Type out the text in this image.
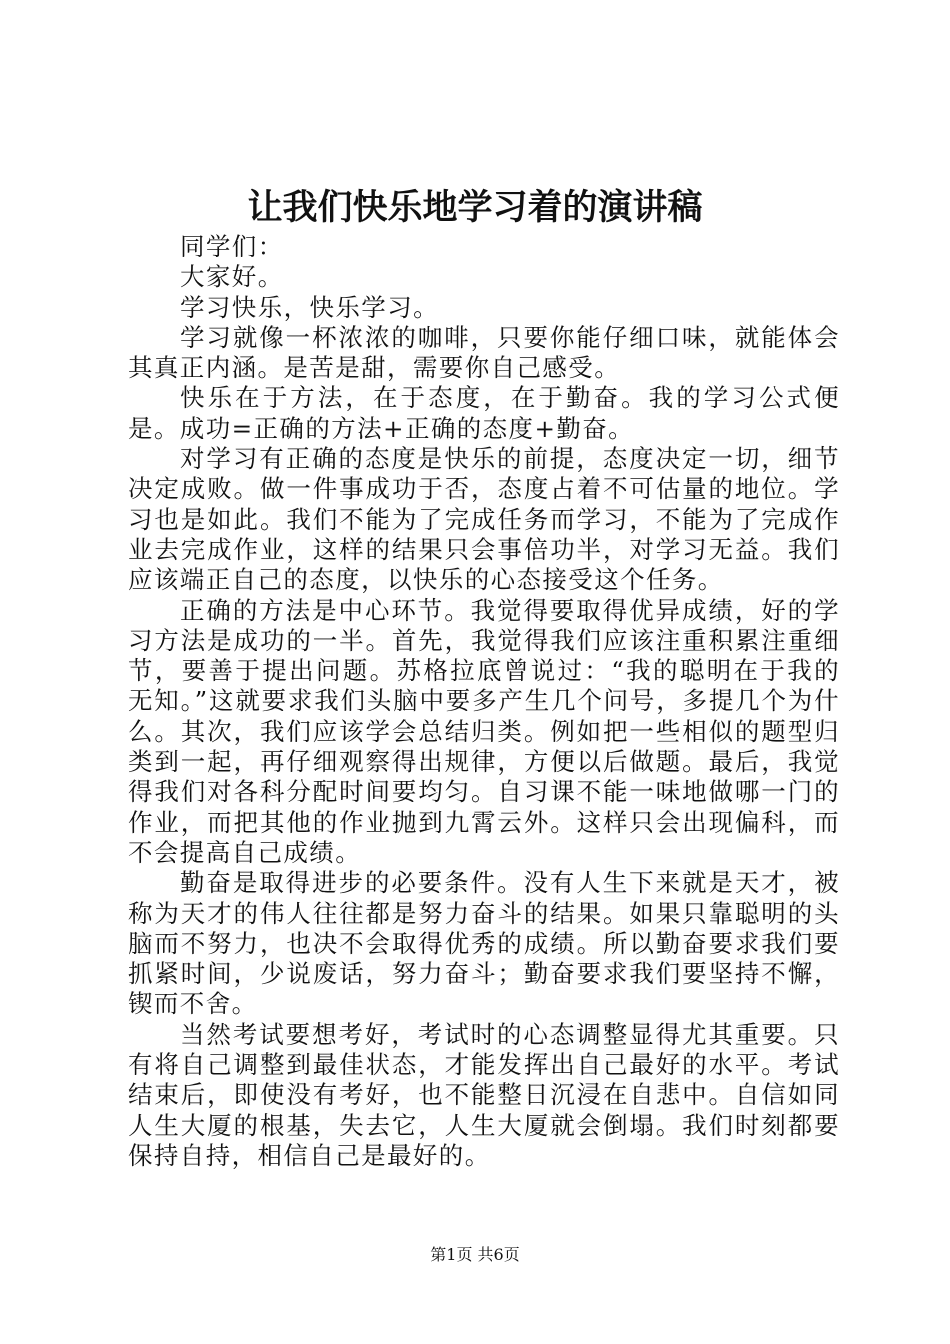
让我们快乐地学习着的演讲稿

同学们：

大家好。

学习快乐，快乐学习。

学习就像一杯浓浓的咖啡，只要你能仔细口味，就能体会其真正内涵。是苦是甜，需要你自己感受。

快乐在于方法，在于态度，在于勤奋。我的学习公式便是。成功=正确的方法+正确的态度+勤奋。

对学习有正确的态度是快乐的前提，态度决定一切，细节决定成败。做一件事成功于否，态度占着不可估量的地位。学习也是如此。我们不能为了完成任务而学习，不能为了完成作业去完成作业，这样的结果只会事倍功半，对学习无益。我们应该端正自己的态度，以快乐的心态接受这个任务。

正确的方法是中心环节。我觉得要取得优异成绩，好的学习方法是成功的一半。首先，我觉得我们应该注重积累注重细节，要善于提出问题。苏格拉底曾说过：“我的聪明在于我的无知。”这就要求我们头脑中要多产生几个问号，多提几个为什么。其次，我们应该学会总结归类。例如把一些相似的题型归类到一起，再仔细观察得出规律，方便以后做题。最后，我觉得我们对各科分配时间要均匀。自习课不能一味地做哪一门的作业，而把其他的作业抛到九霄云外。这样只会出现偏科，而不会提高自己成绩。

勤奋是取得进步的必要条件。没有人生下来就是天才，被称为天才的伟人往往都是努力奋斗的结果。如果只靠聪明的头脑而不努力，也决不会取得优秀的成绩。所以勤奋要求我们要抓紧时间，少说废话，努力奋斗；勤奋要求我们要坚持不懈，锲而不舍。

当然考试要想考好，考试时的心态调整显得尤其重要。只有将自己调整到最佳状态，才能发挥出自己最好的水平。考试结束后，即使没有考好，也不能整日沉浸在自悲中。自信如同人生大厦的根基，失去它，人生大厦就会倒塌。我们时刻都要保持自持，相信自己是最好的。

第1页 共6页
